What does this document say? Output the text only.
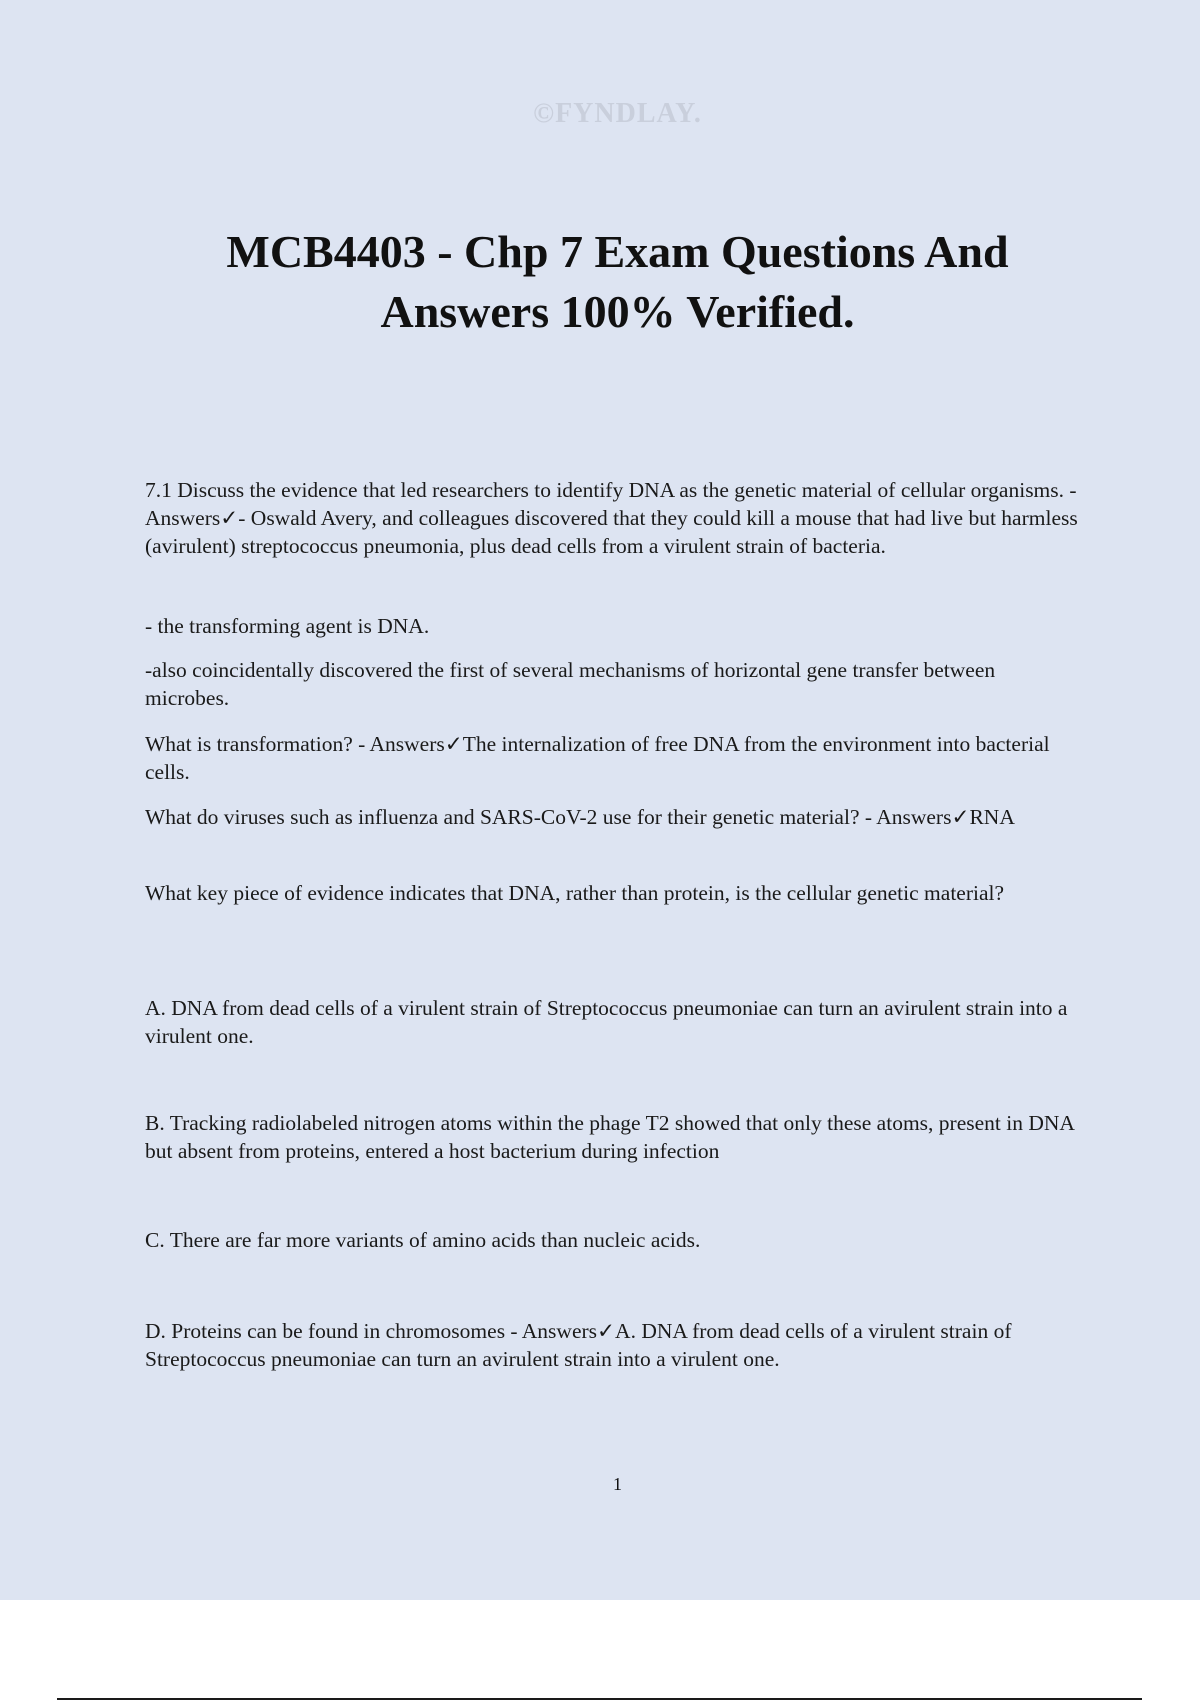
©FYNDLAY.
MCB4403 - Chp 7 Exam Questions And Answers 100% Verified.

7.1 Discuss the evidence that led researchers to identify DNA as the genetic material of cellular organisms. - Answers✓- Oswald Avery, and colleagues discovered that they could kill a mouse that had live but harmless (avirulent) streptococcus pneumonia, plus dead cells from a virulent strain of bacteria.

- the transforming agent is DNA.

-also coincidentally discovered the first of several mechanisms of horizontal gene transfer between microbes.

What is transformation? - Answers✓The internalization of free DNA from the environment into bacterial cells.

What do viruses such as influenza and SARS-CoV-2 use for their genetic material? - Answers✓RNA

What key piece of evidence indicates that DNA, rather than protein, is the cellular genetic material?

A. DNA from dead cells of a virulent strain of Streptococcus pneumoniae can turn an avirulent strain into a virulent one.

B. Tracking radiolabeled nitrogen atoms within the phage T2 showed that only these atoms, present in DNA but absent from proteins, entered a host bacterium during infection

C. There are far more variants of amino acids than nucleic acids.

D. Proteins can be found in chromosomes - Answers✓A. DNA from dead cells of a virulent strain of Streptococcus pneumoniae can turn an avirulent strain into a virulent one.

1
